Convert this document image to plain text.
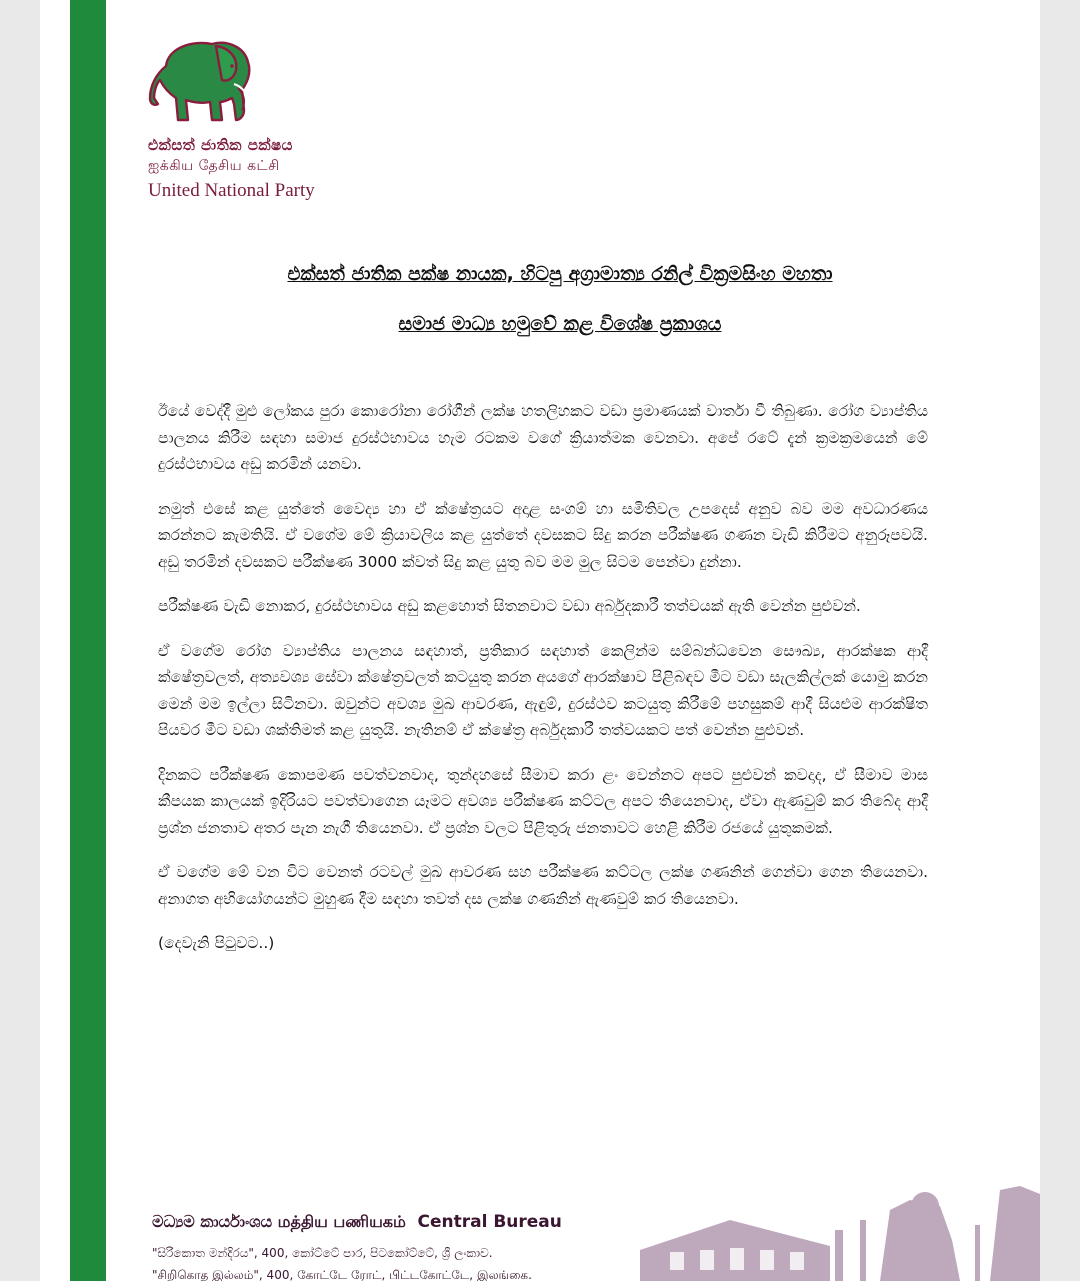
එක්සත් ජාතික පක්ෂය
ஐக்கிய தேசிய கட்சி
United National Party
එක්සත් ජාතික පක්ෂ නායක, හිටපු අග්‍රාමාත්‍ය රනිල් වික්‍රමසිංහ මහතා
සමාජ මාධ්‍ය හමුවේ කළ විශේෂ ප්‍රකාශය

ඊයේ වෙද්දී මුළු ලෝකය පුරා කොරෝනා රෝගීන් ලක්ෂ හතලිහකට වඩා ප්‍රමාණයක් වාර්තා වී තිබුණා. රෝග ව්‍යාප්තිය පාලනය කිරීම සඳහා සමාජ දුරස්ථභාවය හැම රටකම වගේ ක්‍රියාත්මක වෙනවා. අපේ රටේ දැන් ක්‍රමක්‍රමයෙන් මේ දුරස්ථභාවය අඩු කරමින් යනවා.

නමුත් එසේ කළ යුත්තේ වෛද්‍ය හා ඒ ක්ෂේත්‍රයට අදාළ සංගම් හා සමිතිවල උපදෙස් අනුව බව මම අවධාරණය කරන්නට කැමතියි. ඒ වගේම මේ ක්‍රියාවලිය කළ යුත්තේ දවසකට සිදු කරන පරීක්ෂණ ගණන වැඩි කිරීමට අනුරූපවයි. අඩු තරමින් දවසකට පරීක්ෂණ 3000 ක්වත් සිදු කළ යුතු බව මම මුල සිටම පෙන්වා දුන්නා.

පරීක්ෂණ වැඩි නොකර, දුරස්ථභාවය අඩු කළහොත් සිතනවාට වඩා අර්බුදකාරී තත්වයක් ඇති වෙන්න පුළුවන්.

ඒ වගේම රෝග ව්‍යාප්තිය පාලනය සඳහාත්, ප්‍රතිකාර සඳහාත් කෙලින්ම සම්බන්ධවෙන සෞඛ්‍ය, ආරක්ෂක ආදී ක්ෂේත්‍රවලත්, අත්‍යවශ්‍ය සේවා ක්ෂේත්‍රවලත් කටයුතු කරන අයගේ ආරක්ෂාව පිළිබඳව මීට වඩා සැලකිල්ලක් යොමු කරන මෙන් මම ඉල්ලා සිටිනවා. ඔවුන්ට අවශ්‍ය මුඛ ආවරණ, ඇඳුම්, දුරස්ථව කටයුතු කිරීමේ පහසුකම් ආදී සියළුම ආරක්ෂිත පියවර මීට වඩා ශක්තිමත් කළ යුතුයි. නැතිනම් ඒ ක්ෂේත්‍ර අර්බුදකාරී තත්වයකට පත් වෙන්න පුළුවන්.

දිනකට පරීක්ෂණ කොපමණ පවත්වනවාද, තුන්දහසේ සීමාව කරා ළං වෙන්නට අපට පුළුවන් කවදාද, ඒ සීමාව මාස කීපයක කාලයක් ඉදිරියට පවත්වාගෙන යෑමට අවශ්‍ය පරීක්ෂණ කට්ටල අපට තියෙනවාද, ඒවා ඇණවුම් කර තිබේද ආදී ප්‍රශ්න ජනතාව අතර පැන නැගී තියෙනවා. ඒ ප්‍රශ්න වලට පිළිතුරු ජනතාවට හෙළි කිරීම රජයේ යුතුකමක්.

ඒ වගේම මේ වන විට වෙනත් රටවල් මුඛ ආවරණ සහ පරීක්ෂණ කට්ටල ලක්ෂ ගණනින් ගෙන්වා ගෙන තියෙනවා. අනාගත අභියෝගයන්ට මුහුණ දීම සඳහා තවත් දස ලක්ෂ ගණනින් ඇණවුම් කර තියෙනවා.

(දෙවැනි පිටුවට..)

මධ්‍යම කාර්යාංශය மத்திய பணியகம் Central Bureau
"සිරිකොත මන්දිරය", 400, කෝට්ටේ පාර, පිටකෝට්ටේ, ශ්‍රී ලංකාව.
"சிறிகொத இல்லம்", 400, கோட்டே ரோட், பிட்டகோட்டே, இலங்கை.
